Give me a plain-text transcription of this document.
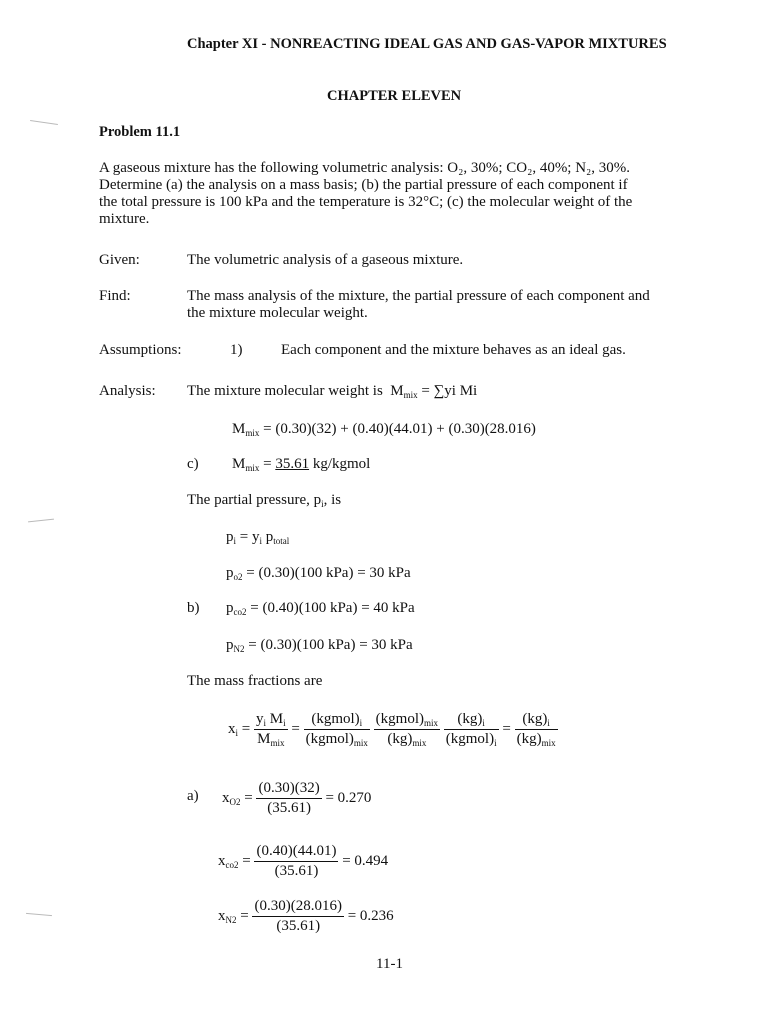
Chapter XI - NONREACTING IDEAL GAS AND GAS-VAPOR MIXTURES
CHAPTER ELEVEN
Problem 11.1
A gaseous mixture has the following volumetric analysis: O₂, 30%; CO₂, 40%; N₂, 30%.
Determine (a) the analysis on a mass basis; (b) the partial pressure of each component if
the total pressure is 100 kPa and the temperature is 32°C; (c) the molecular weight of the
mixture.
Given:	The volumetric analysis of a gaseous mixture.
Find:	The mass analysis of the mixture, the partial pressure of each component and
the mixture molecular weight.
Assumptions:	1)	Each component and the mixture behaves as an ideal gas.
Analysis: The mixture molecular weight is $M_{mix} = \sum yi$ Mi
$M_{mix} = (0.30)(32) + (0.40)(44.01) + (0.30)(28.016)$
c) $M_{mix} = 35.61$ kg/kgmol
The partial pressure, $p_i$, is
$p_i = y_i$ $p_{total}$
$p_{o2} = (0.30)(100$ kPa) = 30 kPa
b) $p_{co2} = (0.40)(100$ kPa) = 40 kPa
$p_{N2} = (0.30)(100$ kPa) = 30 kPa
The mass fractions are
$x_i = \frac{y_i M_i}{M_{mix}} = \frac{(kgmol)_i}{(kgmol)_{mix}}$
$\frac{(kgmol)_{mix}}{(kg)_{mix}}$
$\frac{(kg)_i}{(kgmol)_i} = \frac{(kg)_i}{(kg)_{mix}}$
a) $x_{O2} = \frac{(0.30)(32)}{(35.61)} = 0.270$
$x_{co2} = \frac{(0.40)(44.01)}{(35.61)} = 0.494$
$x_{N2} = \frac{(0.30)(28.016)}{(35.61)} = 0.236$
11-1
